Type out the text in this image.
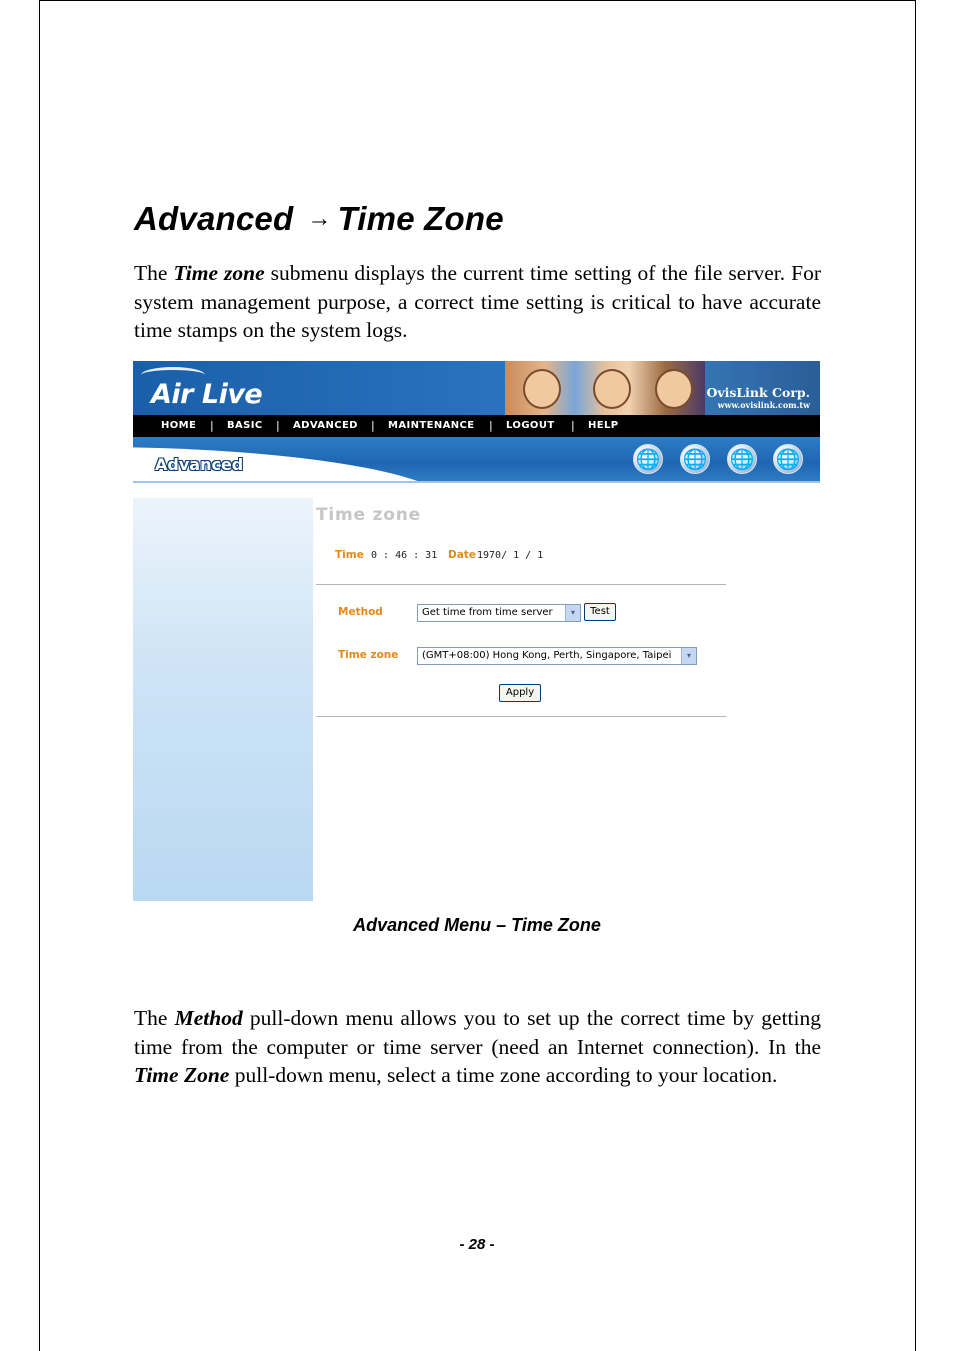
Advanced → Time Zone

The Time zone submenu displays the current time setting of the file server. For system management purpose, a correct time setting is critical to have accurate time stamps on the system logs.

Air Live	OvisLink Corp.
www.ovislink.com.tw
HOME | BASIC | ADVANCED | MAINTENANCE | LOGOUT | HELP
Advanced	🌐 🌐 🌐 🌐
Time zone
Time 0 : 46 : 31 Date 1970/ 1 / 1
Method	Get time from time server	▾	Test
Time zone	(GMT+08:00) Hong Kong, Perth, Singapore, Taipei	▾
Apply
Advanced Menu – Time Zone

The Method pull-down menu allows you to set up the correct time by getting time from the computer or time server (need an Internet connection). In the Time Zone pull-down menu, select a time zone according to your location.

- 28 -
